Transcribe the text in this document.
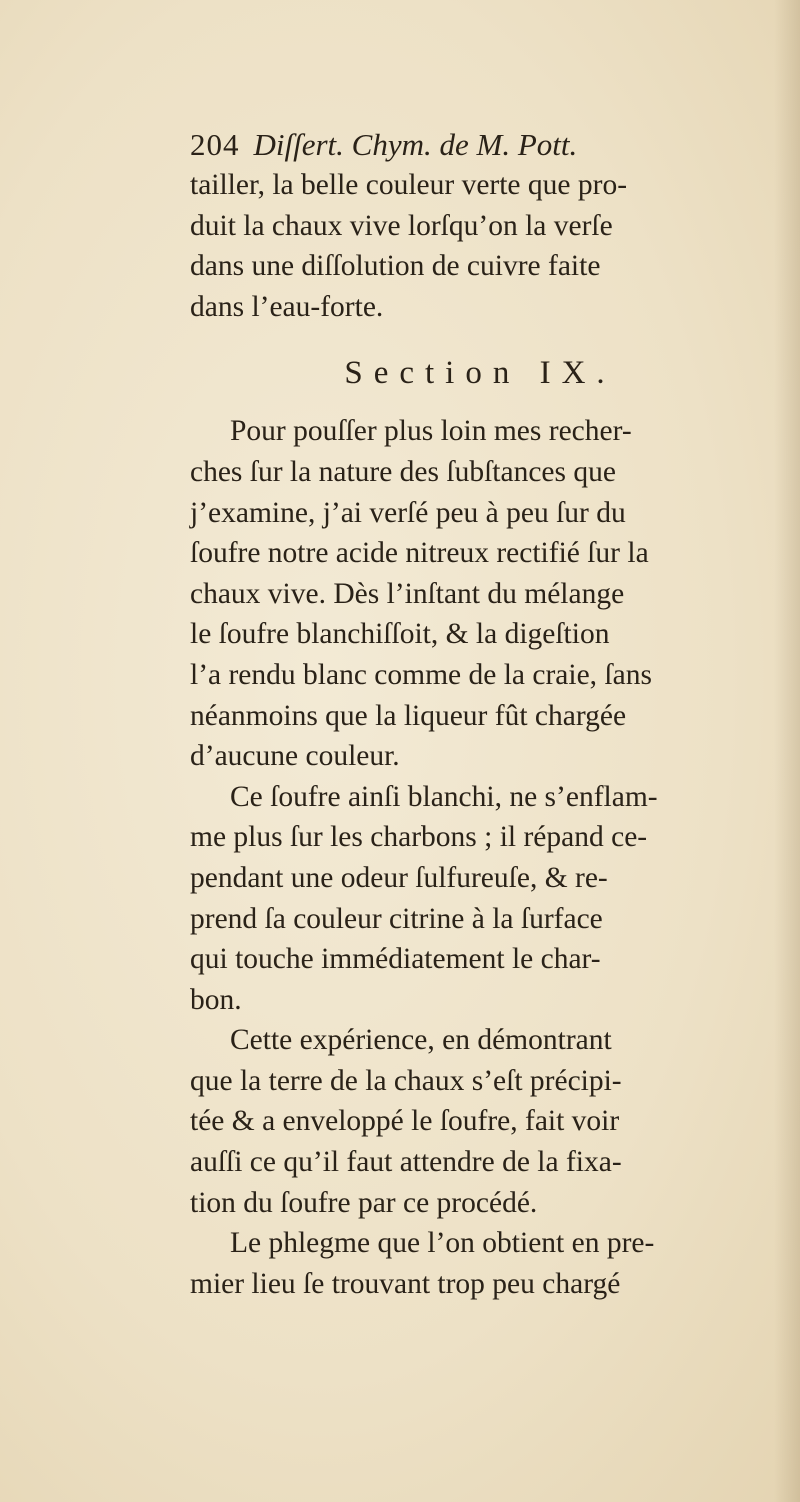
204 Diſſert. Chym. de M. Pott.
tailler, la belle couleur verte que pro-
duit la chaux vive lorſqu’on la verſe
dans une diſſolution de cuivre faite
dans l’eau-forte.
Section IX.
Pour pouſſer plus loin mes recher-
ches ſur la nature des ſubſtances que
j’examine, j’ai verſé peu à peu ſur du
ſoufre notre acide nitreux rectifié ſur la
chaux vive. Dès l’inſtant du mélange
le ſoufre blanchiſſoit, & la digeſtion
l’a rendu blanc comme de la craie, ſans
néanmoins que la liqueur fût chargée
d’aucune couleur.
Ce ſoufre ainſi blanchi, ne s’enflam-
me plus ſur les charbons ; il répand ce-
pendant une odeur ſulfureuſe, & re-
prend ſa couleur citrine à la ſurface
qui touche immédiatement le char-
bon.
Cette expérience, en démontrant
que la terre de la chaux s’eſt précipi-
tée & a enveloppé le ſoufre, fait voir
auſſi ce qu’il faut attendre de la fixa-
tion du ſoufre par ce procédé.
Le phlegme que l’on obtient en pre-
mier lieu ſe trouvant trop peu chargé
